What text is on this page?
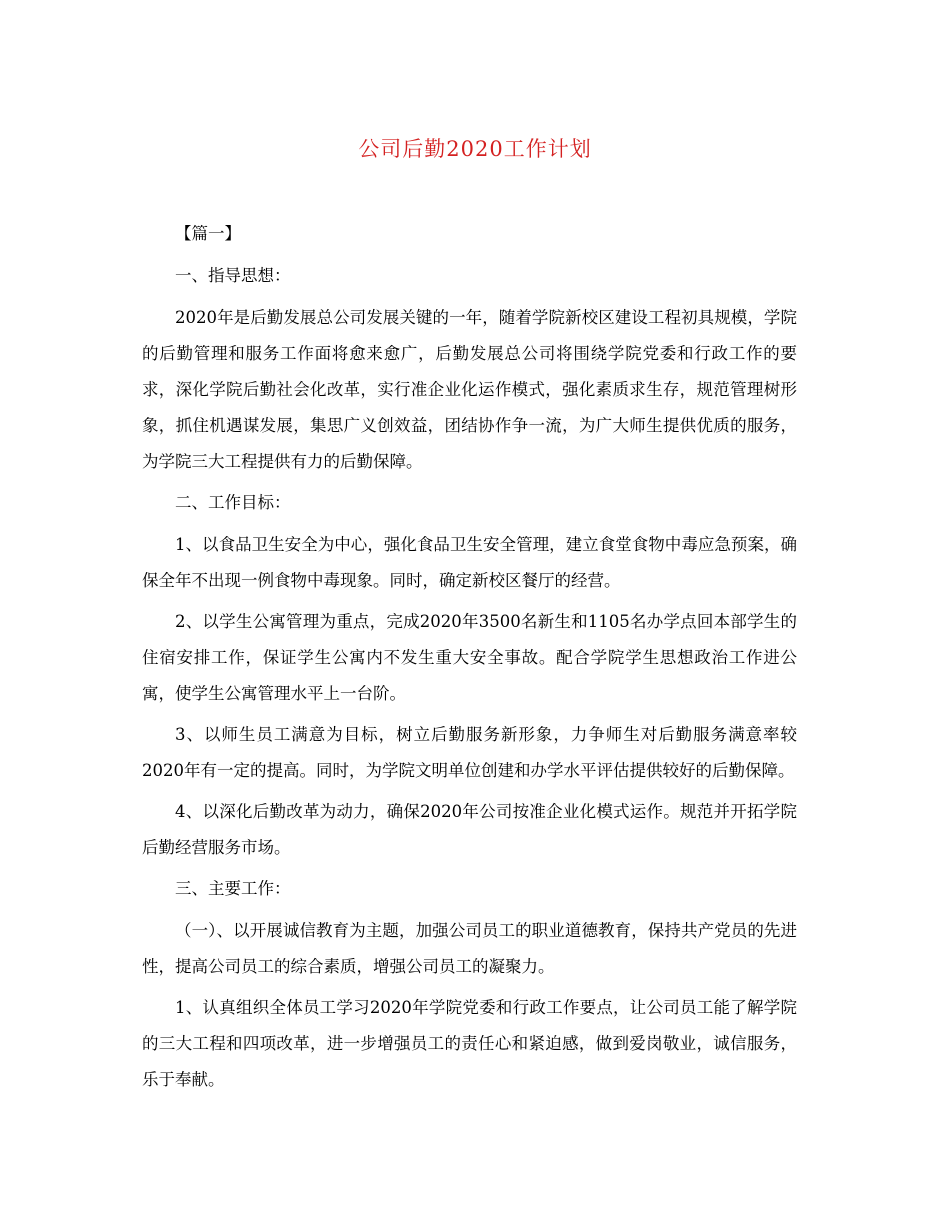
公司后勤2020工作计划

【篇一】

一、指导思想：

2020年是后勤发展总公司发展关键的一年，随着学院新校区建设工程初具规模，学院的后勤管理和服务工作面将愈来愈广，后勤发展总公司将围绕学院党委和行政工作的要求，深化学院后勤社会化改革，实行准企业化运作模式，强化素质求生存，规范管理树形象，抓住机遇谋发展，集思广义创效益，团结协作争一流，为广大师生提供优质的服务，为学院三大工程提供有力的后勤保障。

二、工作目标：

1、以食品卫生安全为中心，强化食品卫生安全管理，建立食堂食物中毒应急预案，确保全年不出现一例食物中毒现象。同时，确定新校区餐厅的经营。

2、以学生公寓管理为重点，完成2020年3500名新生和1105名办学点回本部学生的住宿安排工作，保证学生公寓内不发生重大安全事故。配合学院学生思想政治工作进公寓，使学生公寓管理水平上一台阶。

3、以师生员工满意为目标，树立后勤服务新形象，力争师生对后勤服务满意率较2020年有一定的提高。同时，为学院文明单位创建和办学水平评估提供较好的后勤保障。

4、以深化后勤改革为动力，确保2020年公司按准企业化模式运作。规范并开拓学院后勤经营服务市场。

三、主要工作：

（一）、以开展诚信教育为主题，加强公司员工的职业道德教育，保持共产党员的先进性，提高公司员工的综合素质，增强公司员工的凝聚力。

1、认真组织全体员工学习2020年学院党委和行政工作要点，让公司员工能了解学院的三大工程和四项改革，进一步增强员工的责任心和紧迫感，做到爱岗敬业，诚信服务，乐于奉献。
